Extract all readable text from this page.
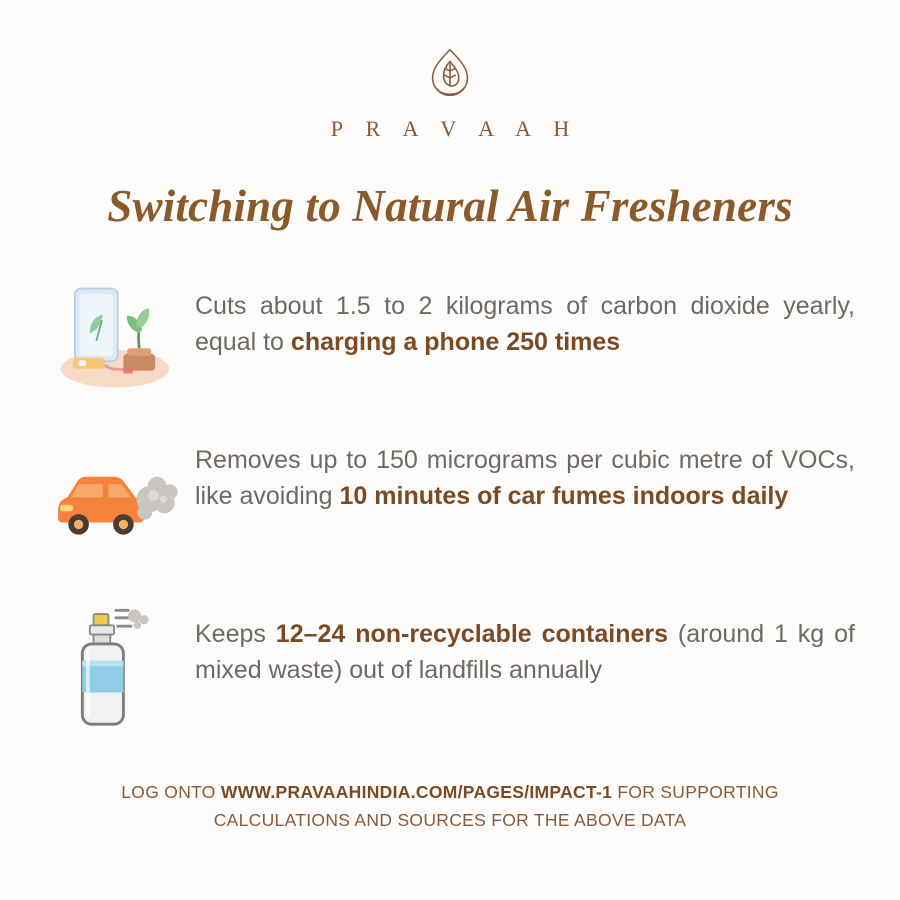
P R A V A A H
Switching to Natural Air Fresheners
Cuts about 1.5 to 2 kilograms of carbon dioxide yearly, equal to charging a phone 250 times
Removes up to 150 micrograms per cubic metre of VOCs, like avoiding 10 minutes of car fumes indoors daily
Keeps 12–24 non-recyclable containers (around 1 kg of mixed waste) out of landfills annually
LOG ONTO WWW.PRAVAAHINDIA.COM/PAGES/IMPACT-1 FOR SUPPORTING CALCULATIONS AND SOURCES FOR THE ABOVE DATA
